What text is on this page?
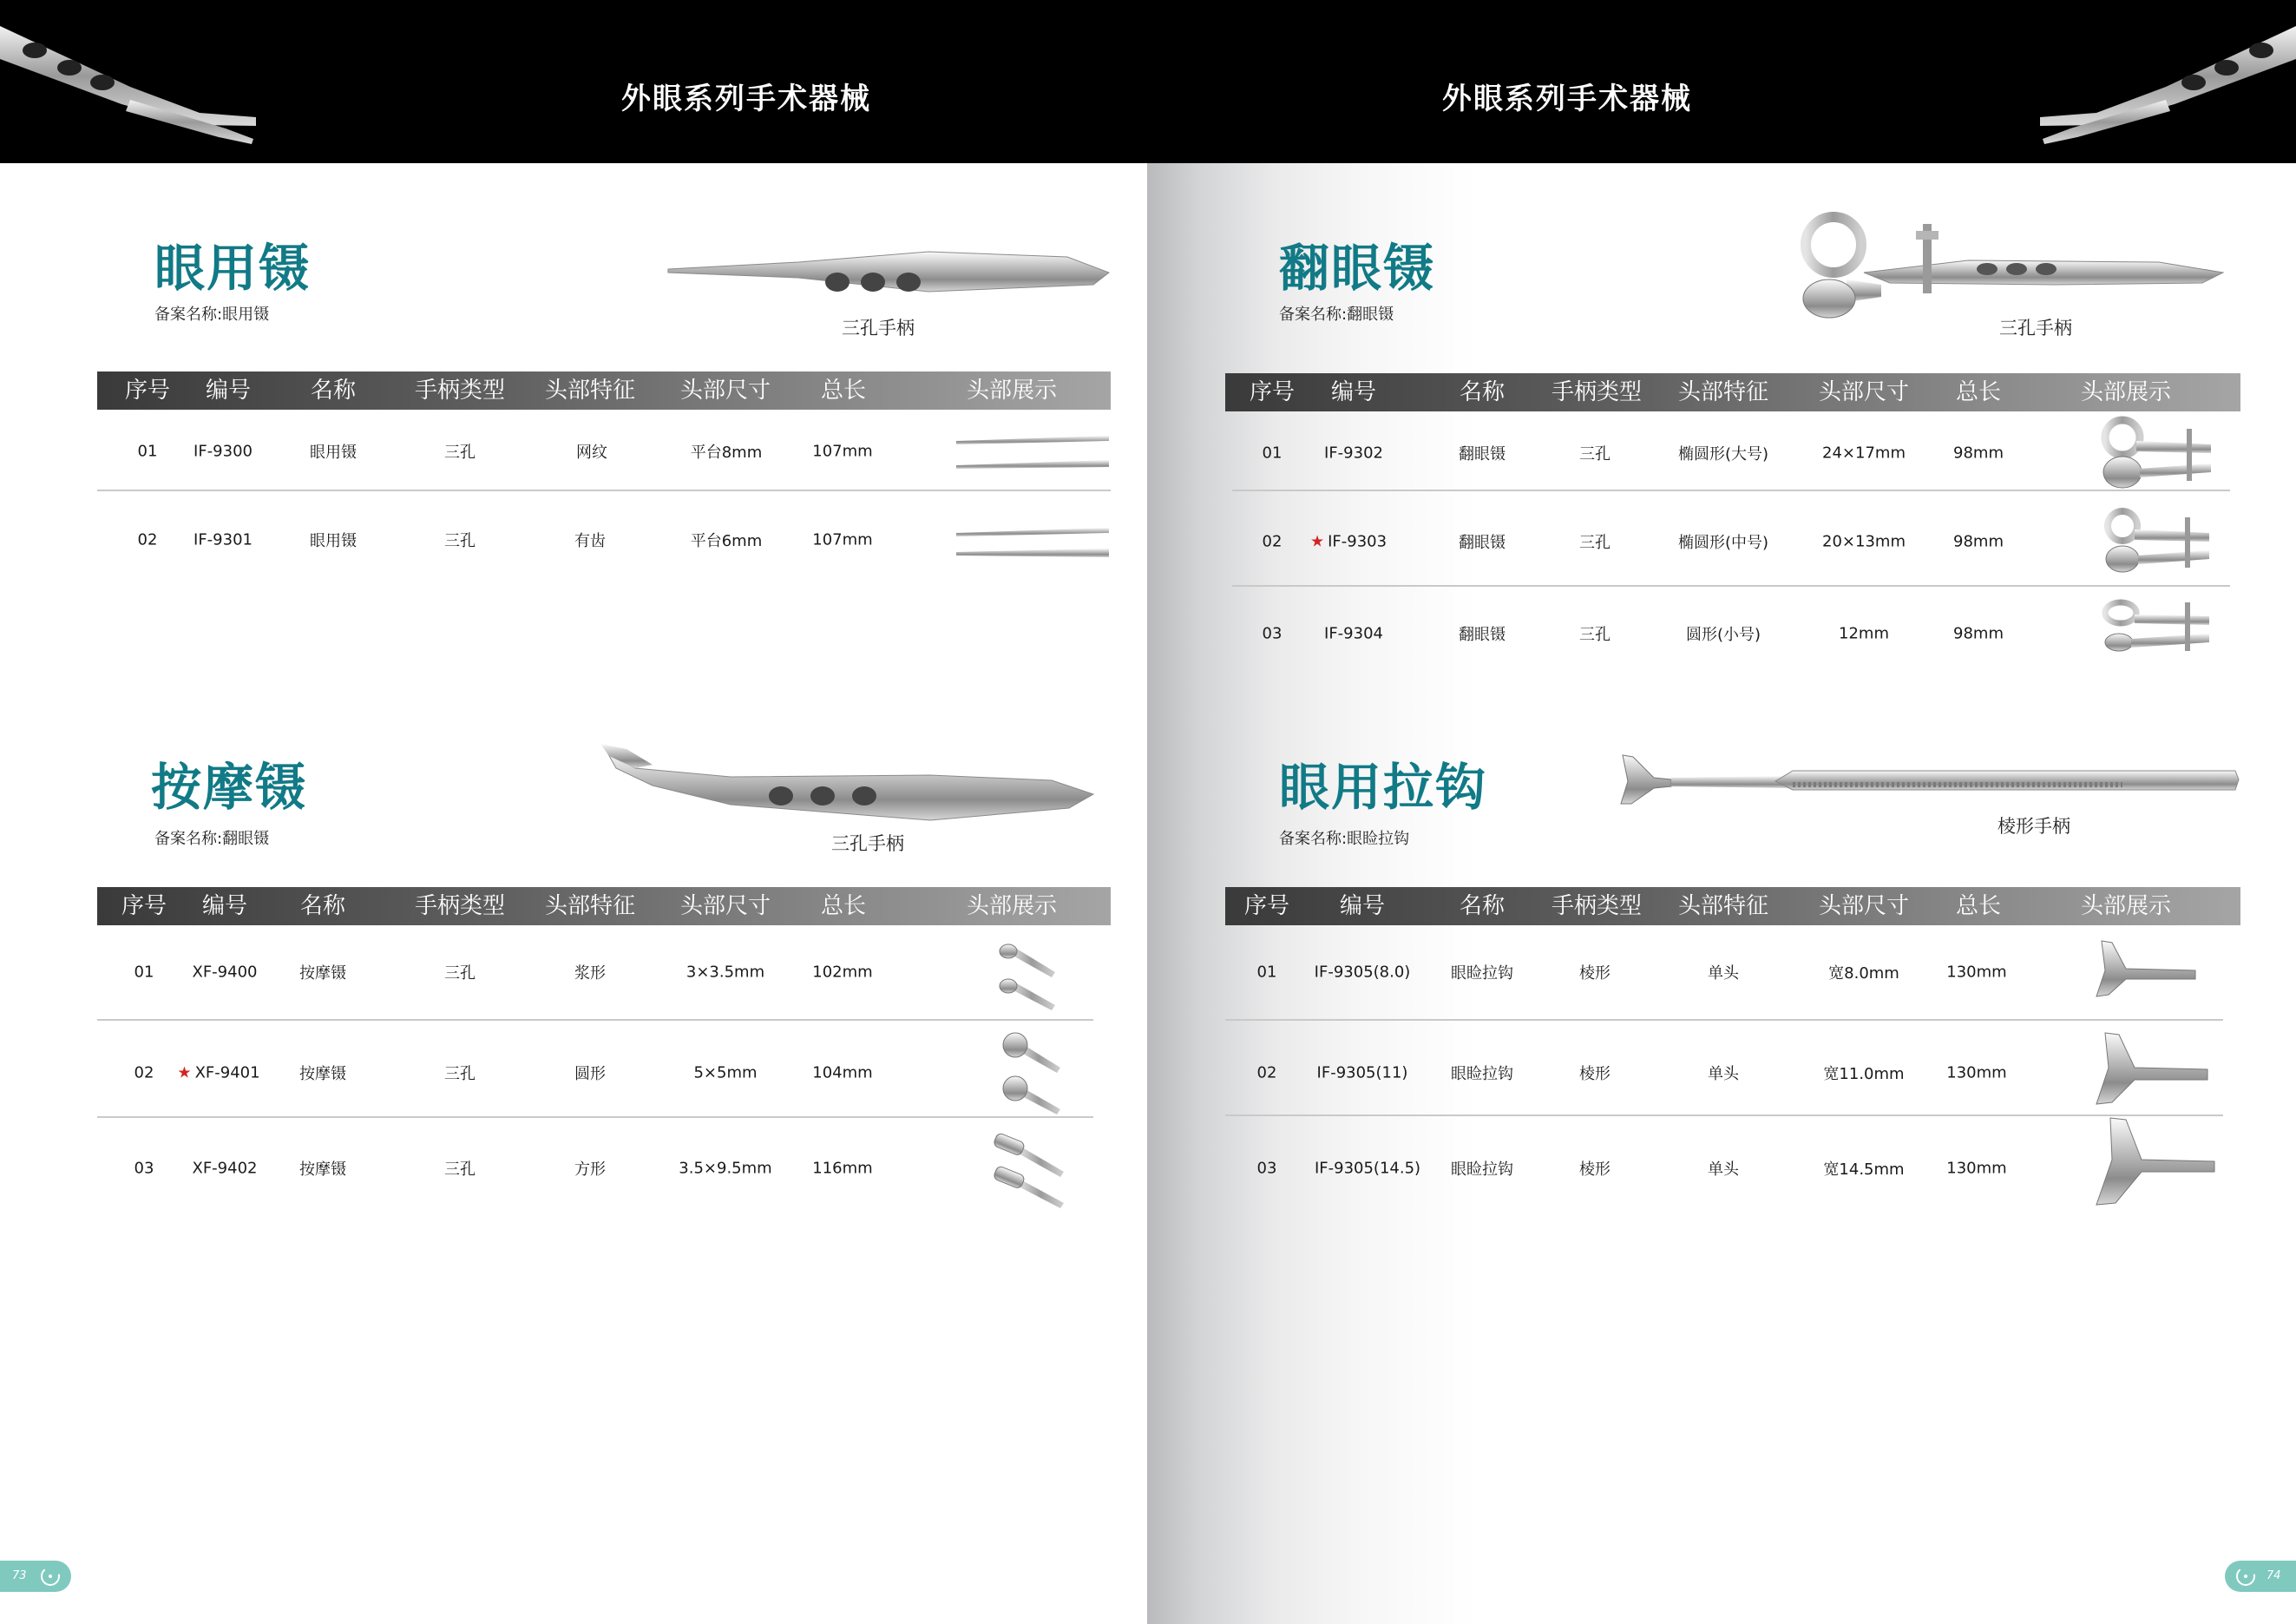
外眼系列手术器械	外眼系列手术器械
眼用镊
备案名称:眼用镊
三孔手柄
序号 编号	名称	手柄类型 头部特征 头部尺寸 总长	头部展示
01 IF-9300	眼用镊	三孔	网纹	平台8mm	107mm
02 IF-9301	眼用镊	三孔	有齿	平台6mm	107mm
按摩镊
备案名称:翻眼镊	三孔手柄
序号 编号 名称	手柄类型 头部特征 头部尺寸 总长	头部展示
01 XF-9400	按摩镊	三孔	浆形	3×3.5mm	102mm
02 ★ XF-9401	按摩镊	三孔	圆形	5×5mm	104mm
03 XF-9402	按摩镊	三孔	方形	3.5×9.5mm	116mm
翻眼镊
备案名称:翻眼镊
三孔手柄
序号 编号	名称 手柄类型 头部特征 头部尺寸 总长	头部展示
01	IF-9302	翻眼镊	三孔	椭圆形(大号)	24×17mm	98mm
02 ★ IF-9303	翻眼镊	三孔	椭圆形(中号)	20×13mm	98mm
03	IF-9304	翻眼镊	三孔	圆形(小号)	12mm	98mm
眼用拉钩
备案名称:眼睑拉钩
棱形手柄
序号 编号	名称 手柄类型 头部特征 头部尺寸 总长	头部展示
01 IF-9305(8.0)	眼睑拉钩	棱形	单头	宽8.0mm	130mm
02	IF-9305(11)	眼睑拉钩	棱形	单头	宽11.0mm	130mm
03 IF-9305(14.5) 眼睑拉钩	棱形	单头	宽14.5mm	130mm
73	74
